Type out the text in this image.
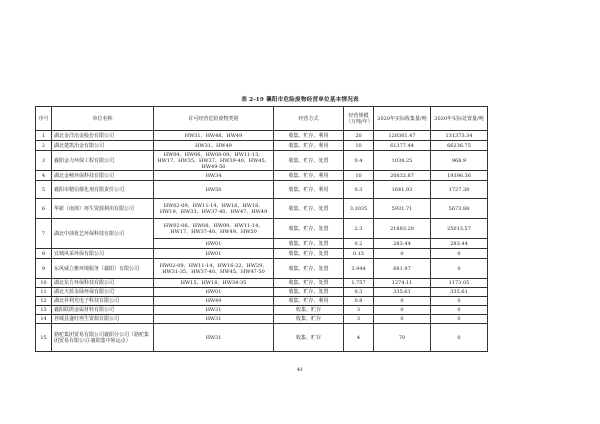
表 2-19 襄阳市危险废物经营单位基本情况表
序号	单位名称	许可经营危险废物类别	经营方式	经营规模（万吨/年）	2020年实际收集量/吨	2020年实际处置量/吨
1	湖北金洋冶金股份有限公司	HW31、HW48、HW49	收集、贮存、利用	20	128361.47	131373.34
2	湖北楚凯冶金有限公司	HW31、HW49	收集、贮存、利用	10	61377.44	66236.75
3	襄阳金力环保工程有限公司	HW04、HW06、HW08-09、HW11-13、HW17、HW35、HW37、HW39-40、HW45、HW49-50	收集、贮存、处置	0.4	1038.25	968.9
4	湖北金畅环保科技有限公司	HW34	收集、贮存、利用	10	20832.87	19396.36
5	襄阳市精信催化剂有限责任公司	HW50	收集、贮存、利用	0.3	1641.93	1727.38
6	华新（南漳）再生资源利用有限公司	HW02-09、HW11-14、HW16、HW18、HW19、HW33、HW37-40、HW47、HW49	收集、贮存、处置	3.3035	5931.71	5673.88
7	湖北中油优艺环保科技有限公司	HW02-06、HW08、HW09、HW11-14、HW17、HW37-40、HW49、HW50	收集、贮存、处置	2.3	21883.28	25013.57
		HW01	收集、贮存、处置	0.2	283.44	283.44
8	宜城风采环保有限公司	HW01	收集、贮存、处置	0.15	0	0
9	东风威立雅环境服务（襄阳）有限公司	HW02-09、HW11-14、HW16-22、HW29、HW31-35、HW37-40、HW45、HW47-50	收集、贮存、处置	3.944	681.97	0
10	湖北东方环保科技有限公司	HW15、HW18、HW34-35	收集、贮存、处置	1.757	1274.11	1173.05
11	湖北天蓝永绿环保有限公司	HW01	收集、贮存、处置	0.3	335.61	335.61
12	湖北祥利光电子科技有限公司	HW49	收集、贮存、利用	0.8	0	0
13	襄阳联鸿金属材料有限公司	HW31	收集、贮存	3	0	0
14	谷城县盛旺再生资源有限公司	HW31	收集、贮存	3	0	0
15	骆驼集团贸易有限公司襄阳分公司（骆驼集团贸易有限公司-襄阳集中转运点）	HW31	收集、贮存	4	70	0
41
